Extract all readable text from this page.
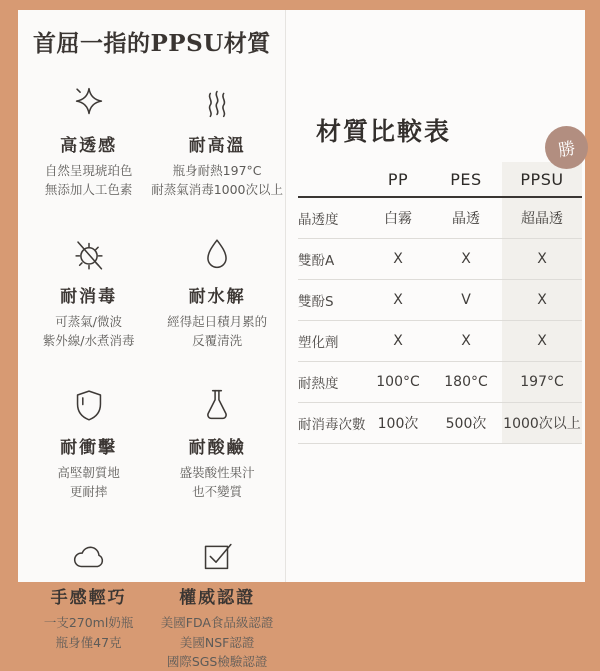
首屈一指的PPSU材質
高透感
自然呈現琥珀色
無添加人工色素
耐高溫
瓶身耐熱197°C
耐蒸氣消毒1000次以上
耐消毒
可蒸氣/微波
紫外線/水煮消毒
耐水解
經得起日積月累的
反覆清洗
耐衝擊
高堅韌質地
更耐摔
耐酸鹼
盛裝酸性果汁
也不變質
手感輕巧
一支270ml奶瓶
瓶身僅47克
權威認證
美國FDA食品級認證
美國NSF認證
國際SGS檢驗認證
材質比較表
勝
PP	PES	PPSU
晶透度	白霧	晶透	超晶透
雙酚A	X	X	X
雙酚S	X	V	X
塑化劑	X	X	X
耐熱度	100°C	180°C	197°C
耐消毒次數 100次	500次	1000次以上
